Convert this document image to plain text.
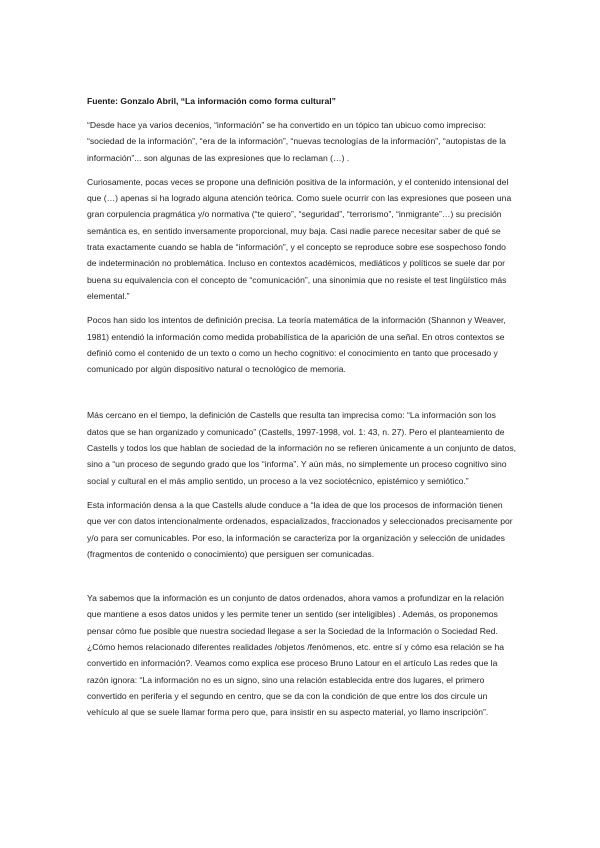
Fuente: Gonzalo Abril, “La información como forma cultural”

“Desde hace ya varios decenios, “información” se ha convertido en un tópico tan ubicuo como impreciso: “sociedad de la información”, “era de la información”, “nuevas tecnologías de la información”, “autopistas de la información”... son algunas de las expresiones que lo reclaman (…) .

Curiosamente, pocas veces se propone una definición positiva de la información, y el contenido intensional del que (…) apenas si ha logrado alguna atención teórica. Como suele ocurrir con las expresiones que poseen una gran corpulencia pragmática y/o normativa (“te quiero”, “seguridad”, “terrorismo”, “inmigrante”…) su precisión semántica es, en sentido inversamente proporcional, muy baja. Casi nadie parece necesitar saber de qué se trata exactamente cuando se habla de “información”, y el concepto se reproduce sobre ese sospechoso fondo de indeterminación no problemática. Incluso en contextos académicos, mediáticos y políticos se suele dar por buena su equivalencia con el concepto de “comunicación”, una sinonimia que no resiste el test lingüístico más elemental.”

Pocos han sido los intentos de definición precisa. La teoría matemática de la información (Shannon y Weaver, 1981) entendió la información como medida probabilística de la aparición de una señal. En otros contextos se definió como el contenido de un texto o como un hecho cognitivo: el conocimiento en tanto que procesado y comunicado por algún dispositivo natural o tecnológico de memoria.

Más cercano en el tiempo, la definición de Castells que resulta tan imprecisa como: “La información son los datos que se han organizado y comunicado” (Castells, 1997-1998, vol. 1: 43, n. 27). Pero el planteamiento de Castells y todos los que hablan de sociedad de la información no se refieren únicamente a un conjunto de datos, sino a “un proceso de segundo grado que los “informa”. Y aún más, no simplemente un proceso cognitivo sino social y cultural en el más amplio sentido, un proceso a la vez sociotécnico, epistémico y semiótico.”

Esta información densa a la que Castells alude conduce a “la idea de que los procesos de información tienen que ver con datos intencionalmente ordenados, espacializados, fraccionados y seleccionados precisamente por y/o para ser comunicables. Por eso, la información se caracteriza por la organización y selección de unidades (fragmentos de contenido o conocimiento) que persiguen ser comunicadas.

Ya sabemos que la información es un conjunto de datos ordenados, ahora vamos a profundizar en la relación que mantiene a esos datos unidos y les permite tener un sentido (ser inteligibles) . Además, os proponemos pensar cómo fue posible que nuestra sociedad llegase a ser la Sociedad de la Información o Sociedad Red. ¿Cómo hemos relacionado diferentes realidades /objetos /fenómenos, etc. entre sí y cómo esa relación se ha convertido en información?. Veamos como explica ese proceso Bruno Latour en el artículo Las redes que la razón ignora: “La información no es un signo, sino una relación establecida entre dos lugares, el primero convertido en periferia y el segundo en centro, que se da con la condición de que entre los dos circule un vehículo al que se suele llamar forma pero que, para insistir en su aspecto material, yo llamo inscripción”.
